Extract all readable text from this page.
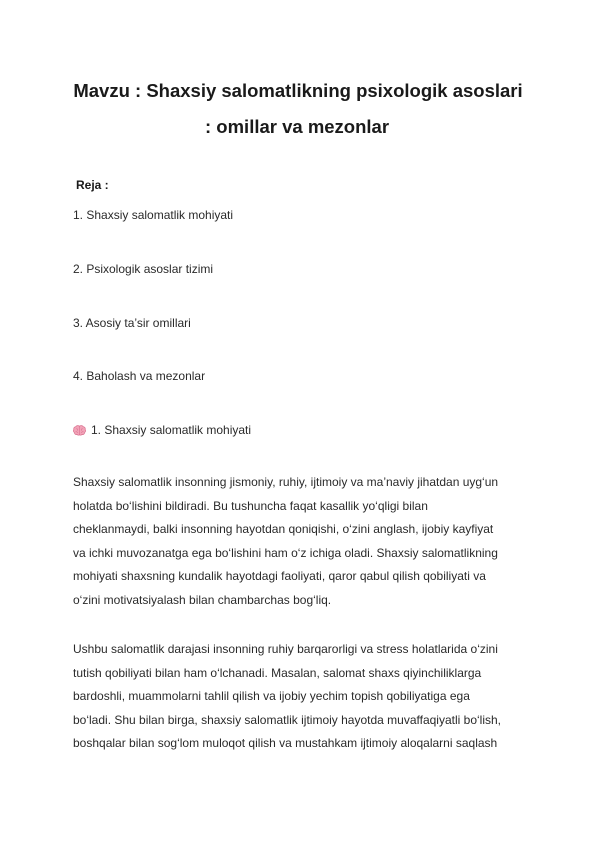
Mavzu : Shaxsiy salomatlikning psixologik asoslari
: omillar va mezonlar
Reja :
1. Shaxsiy salomatlik mohiyati
2. Psixologik asoslar tizimi
3. Asosiy ta’sir omillari
4. Baholash va mezonlar
1. Shaxsiy salomatlik mohiyati
Shaxsiy salomatlik insonning jismoniy, ruhiy, ijtimoiy va ma’naviy jihatdan uyg‘un
holatda bo‘lishini bildiradi. Bu tushuncha faqat kasallik yo‘qligi bilan
cheklanmaydi, balki insonning hayotdan qoniqishi, o‘zini anglash, ijobiy kayfiyat
va ichki muvozanatga ega bo‘lishini ham o‘z ichiga oladi. Shaxsiy salomatlikning
mohiyati shaxsning kundalik hayotdagi faoliyati, qaror qabul qilish qobiliyati va
o‘zini motivatsiyalash bilan chambarchas bog‘liq.
Ushbu salomatlik darajasi insonning ruhiy barqarorligi va stress holatlarida o‘zini
tutish qobiliyati bilan ham o‘lchanadi. Masalan, salomat shaxs qiyinchiliklarga
bardoshli, muammolarni tahlil qilish va ijobiy yechim topish qobiliyatiga ega
bo‘ladi. Shu bilan birga, shaxsiy salomatlik ijtimoiy hayotda muvaffaqiyatli bo‘lish,
boshqalar bilan sog‘lom muloqot qilish va mustahkam ijtimoiy aloqalarni saqlash
